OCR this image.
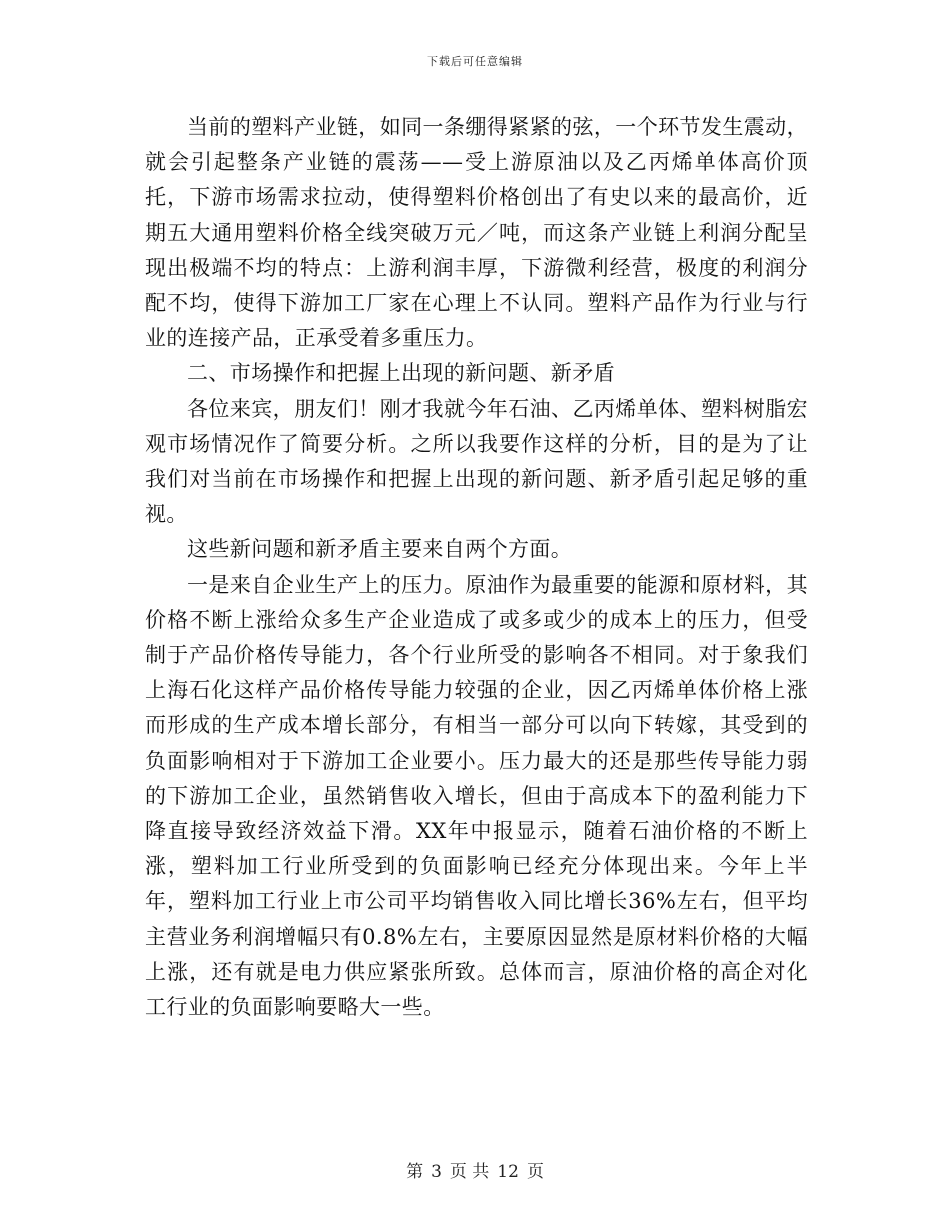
下载后可任意编辑

当前的塑料产业链，如同一条绷得紧紧的弦，一个环节发生震动，就会引起整条产业链的震荡——受上游原油以及乙丙烯单体高价顶托，下游市场需求拉动，使得塑料价格创出了有史以来的最高价，近期五大通用塑料价格全线突破万元／吨，而这条产业链上利润分配呈现出极端不均的特点：上游利润丰厚，下游微利经营，极度的利润分配不均，使得下游加工厂家在心理上不认同。塑料产品作为行业与行业的连接产品，正承受着多重压力。

二、市场操作和把握上出现的新问题、新矛盾

各位来宾，朋友们！刚才我就今年石油、乙丙烯单体、塑料树脂宏观市场情况作了简要分析。之所以我要作这样的分析，目的是为了让我们对当前在市场操作和把握上出现的新问题、新矛盾引起足够的重视。

这些新问题和新矛盾主要来自两个方面。

一是来自企业生产上的压力。原油作为最重要的能源和原材料，其价格不断上涨给众多生产企业造成了或多或少的成本上的压力，但受制于产品价格传导能力，各个行业所受的影响各不相同。对于象我们上海石化这样产品价格传导能力较强的企业，因乙丙烯单体价格上涨而形成的生产成本增长部分，有相当一部分可以向下转嫁，其受到的负面影响相对于下游加工企业要小。压力最大的还是那些传导能力弱的下游加工企业，虽然销售收入增长，但由于高成本下的盈利能力下降直接导致经济效益下滑。XX年中报显示，随着石油价格的不断上涨，塑料加工行业所受到的负面影响已经充分体现出来。今年上半年，塑料加工行业上市公司平均销售收入同比增长36%左右，但平均主营业务利润增幅只有0.8%左右，主要原因显然是原材料价格的大幅上涨，还有就是电力供应紧张所致。总体而言，原油价格的高企对化工行业的负面影响要略大一些。

第 3 页 共 12 页
